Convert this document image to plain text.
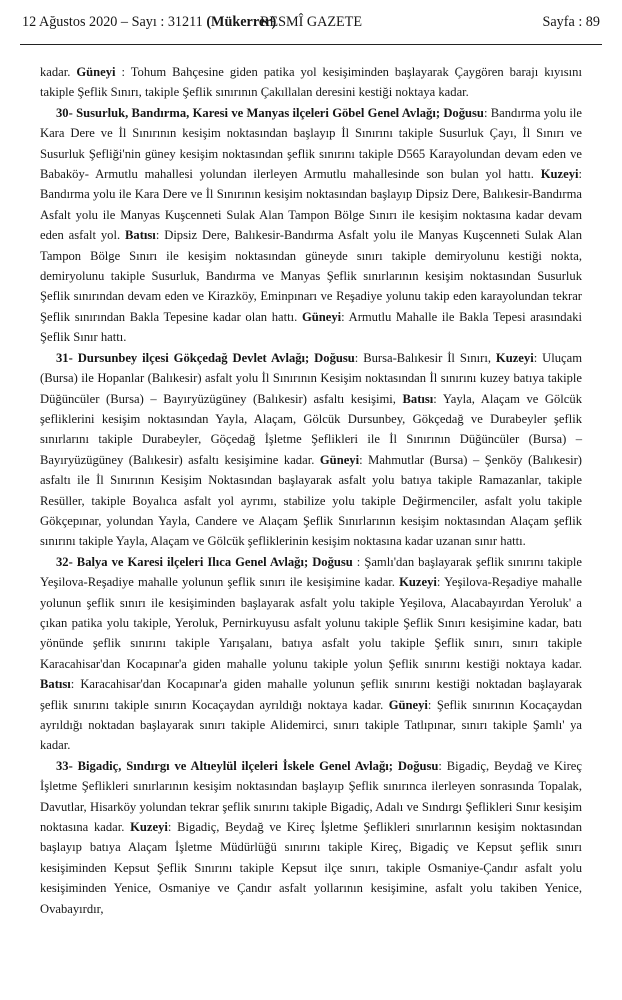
12 Ağustos 2020 – Sayı : 31211 (Mükerrer)
RESMÎ GAZETE	Sayfa : 89

kadar. Güneyi : Tohum Bahçesine giden patika yol kesişiminden başlayarak Çaygören barajı kıyısını takiple Şeflik Sınırı, takiple Şeflik sınırının Çakıllalan deresini kestiği noktaya kadar.

30- Susurluk, Bandırma, Karesi ve Manyas ilçeleri Göbel Genel Avlağı; Doğusu: Bandırma yolu ile Kara Dere ve İl Sınırının kesişim noktasından başlayıp İl Sınırını takiple Susurluk Çayı, İl Sınırı ve Susurluk Şefliği'nin güney kesişim noktasından şeflik sınırını takiple D565 Karayolundan devam eden ve Babaköy- Armutlu mahallesi yolundan ilerleyen Armutlu mahallesinde son bulan yol hattı. Kuzeyi: Bandırma yolu ile Kara Dere ve İl Sınırının kesişim noktasından başlayıp Dipsiz Dere, Balıkesir-Bandırma Asfalt yolu ile Manyas Kuşcenneti Sulak Alan Tampon Bölge Sınırı ile kesişim noktasına kadar devam eden asfalt yol. Batısı: Dipsiz Dere, Balıkesir-Bandırma Asfalt yolu ile Manyas Kuşcenneti Sulak Alan Tampon Bölge Sınırı ile kesişim noktasından güneyde sınırı takiple demiryolunu kestiği nokta, demiryolunu takiple Susurluk, Bandırma ve Manyas Şeflik sınırlarının kesişim noktasından Susurluk Şeflik sınırından devam eden ve Kirazköy, Eminpınarı ve Reşadiye yolunu takip eden karayolundan tekrar Şeflik sınırından Bakla Tepesine kadar olan hattı. Güneyi: Armutlu Mahalle ile Bakla Tepesi arasındaki Şeflik Sınır hattı.

31- Dursunbey ilçesi Gökçedağ Devlet Avlağı; Doğusu: Bursa-Balıkesir İl Sınırı, Kuzeyi: Uluçam (Bursa) ile Hopanlar (Balıkesir) asfalt yolu İl Sınırının Kesişim noktasından İl sınırını kuzey batıya takiple Düğüncüler (Bursa) – Bayıryüzügüney (Balıkesir) asfaltı kesişimi, Batısı: Yayla, Alaçam ve Gölcük şefliklerini kesişim noktasından Yayla, Alaçam, Gölcük Dursunbey, Gökçedağ ve Durabeyler şeflik sınırlarını takiple Durabeyler, Göçedağ İşletme Şeflikleri ile İl Sınırının Düğüncüler (Bursa) – Bayıryüzügüney (Balıkesir) asfaltı kesişimine kadar. Güneyi: Mahmutlar (Bursa) – Şenköy (Balıkesir) asfaltı ile İl Sınırının Kesişim Noktasından başlayarak asfalt yolu batıya takiple Ramazanlar, takiple Resüller, takiple Boyalıca asfalt yol ayrımı, stabilize yolu takiple Değirmenciler, asfalt yolu takiple Gökçepınar, yolundan Yayla, Candere ve Alaçam Şeflik Sınırlarının kesişim noktasından Alaçam şeflik sınırını takiple Yayla, Alaçam ve Gölcük şefliklerinin kesişim noktasına kadar uzanan sınır hattı.

32- Balya ve Karesi ilçeleri Ilıca Genel Avlağı; Doğusu : Şamlı'dan başlayarak şeflik sınırını takiple Yeşilova-Reşadiye mahalle yolunun şeflik sınırı ile kesişimine kadar. Kuzeyi: Yeşilova-Reşadiye mahalle yolunun şeflik sınırı ile kesişiminden başlayarak asfalt yolu takiple Yeşilova, Alacabayırdan Yeroluk' a çıkan patika yolu takiple, Yeroluk, Pernirkuyusu asfalt yolunu takiple Şeflik Sınırı kesişimine kadar, batı yönünde şeflik sınırını takiple Yarışalanı, batıya asfalt yolu takiple Şeflik sınırı, sınırı takiple Karacahisar'dan Kocapınar'a giden mahalle yolunu takiple yolun Şeflik sınırını kestiği noktaya kadar. Batısı: Karacahisar'dan Kocapınar'a giden mahalle yolunun şeflik sınırını kestiği noktadan başlayarak şeflik sınırını takiple sınırın Kocaçaydan ayrıldığı noktaya kadar. Güneyi: Şeflik sınırının Kocaçaydan ayrıldığı noktadan başlayarak sınırı takiple Alidemirci, sınırı takiple Tatlıpınar, sınırı takiple Şamlı' ya kadar.

33- Bigadiç, Sındırgı ve Altıeylül ilçeleri İskele Genel Avlağı; Doğusu: Bigadiç, Beydağ ve Kireç İşletme Şeflikleri sınırlarının kesişim noktasından başlayıp Şeflik sınırınca ilerleyen sonrasında Topalak, Davutlar, Hisarköy yolundan tekrar şeflik sınırını takiple Bigadiç, Adalı ve Sındırgı Şeflikleri Sınır kesişim noktasına kadar. Kuzeyi: Bigadiç, Beydağ ve Kireç İşletme Şeflikleri sınırlarının kesişim noktasından başlayıp batıya Alaçam İşletme Müdürlüğü sınırını takiple Kireç, Bigadiç ve Kepsut şeflik sınırı kesişiminden Kepsut Şeflik Sınırını takiple Kepsut ilçe sınırı, takiple Osmaniye-Çandır asfalt yolu kesişiminden Yenice, Osmaniye ve Çandır asfalt yollarının kesişimine, asfalt yolu takiben Yenice, Ovabayırdır,
